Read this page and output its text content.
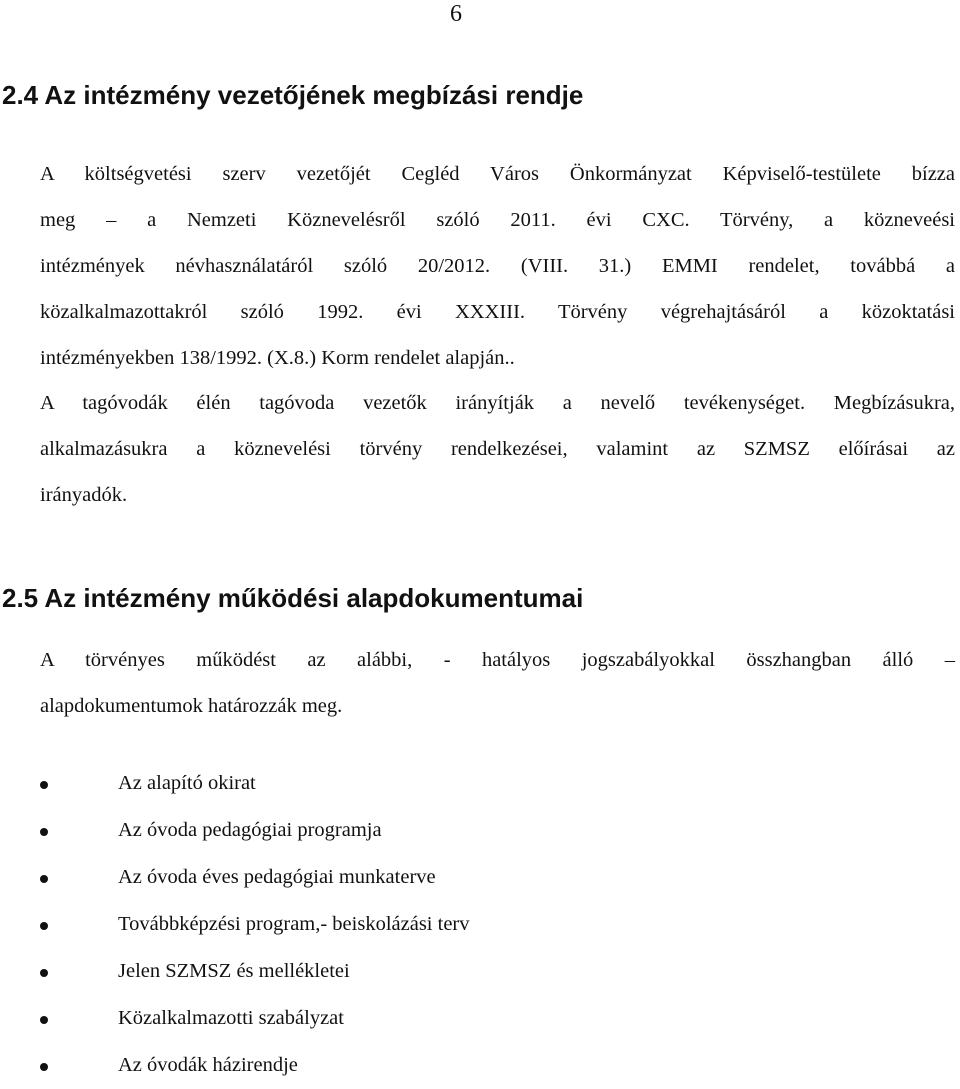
6
2.4 Az intézmény vezetőjének megbízási rendje
A költségvetési szerv vezetőjét Cegléd Város Önkormányzat Képviselő-testülete bízza
meg – a Nemzeti Köznevelésről szóló 2011. évi CXC. Törvény, a közneveési
intézmények névhasználatáról szóló 20/2012. (VIII. 31.) EMMI rendelet, továbbá a
közalkalmazottakról szóló 1992. évi XXXIII. Törvény végrehajtásáról a közoktatási
intézményekben 138/1992. (X.8.) Korm rendelet alapján..
A tagóvodák élén tagóvoda vezetők irányítják a nevelő tevékenységet. Megbízásukra,
alkalmazásukra a köznevelési törvény rendelkezései, valamint az SZMSZ előírásai az
irányadók.
2.5 Az intézmény működési alapdokumentumai
A törvényes működést az alábbi, - hatályos jogszabályokkal összhangban álló –
alapdokumentumok határozzák meg.
Az alapító okirat
Az óvoda pedagógiai programja
Az óvoda éves pedagógiai munkaterve
Továbbképzési program,- beiskolázási terv
Jelen SZMSZ és mellékletei
Közalkalmazotti szabályzat
Az óvodák házirendje
